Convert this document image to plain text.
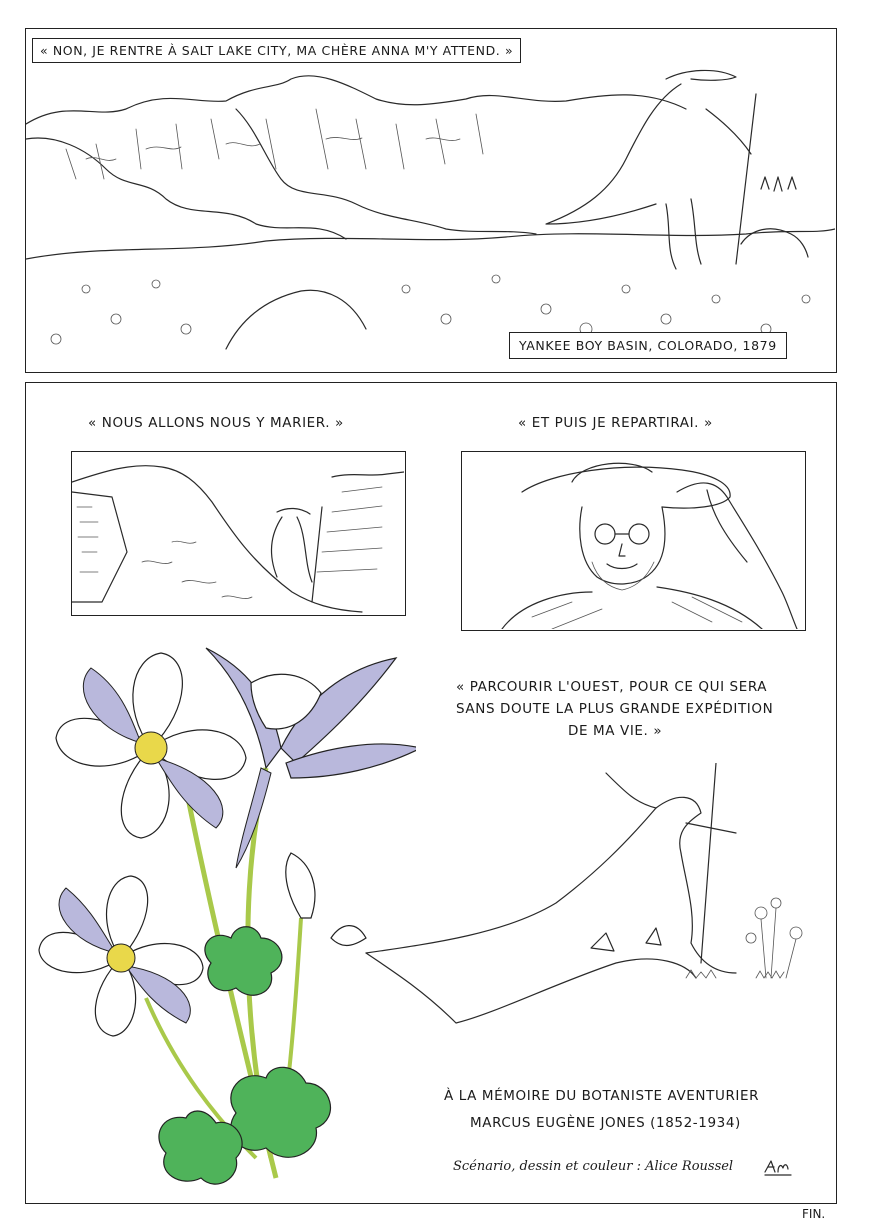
« NON, JE RENTRE À SALT LAKE CITY, MA CHÈRE ANNA M'Y ATTEND. »
YANKEE BOY BASIN, COLORADO, 1879
« NOUS ALLONS NOUS Y MARIER. »	« ET PUIS JE REPARTIRAI. »
« PARCOURIR L'OUEST, POUR CE QUI SERA
SANS DOUTE LA PLUS GRANDE EXPÉDITION
DE MA VIE. »
À LA MÉMOIRE DU BOTANISTE AVENTURIER
MARCUS EUGÈNE JONES (1852-1934)
Scénario, dessin et couleur : Alice Roussel
FIN.
